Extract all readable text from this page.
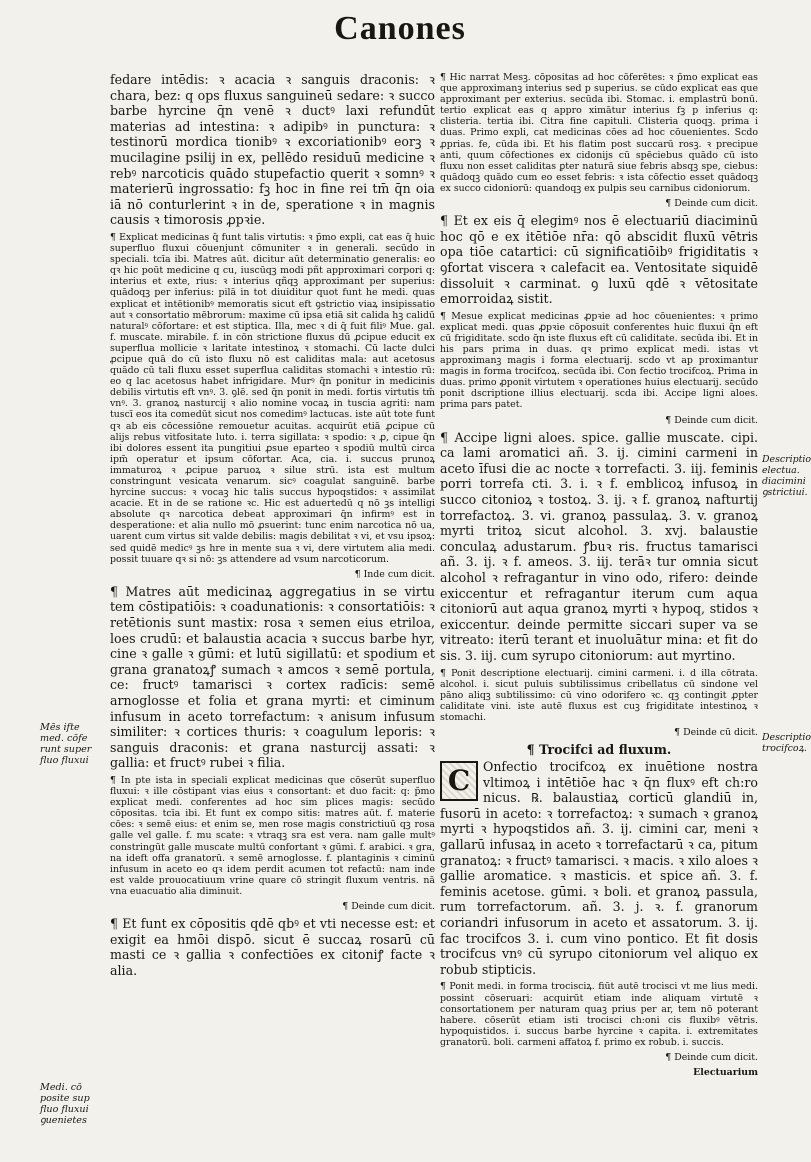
Canones
Mēs ifte med. cōfe runt super fluo fluxui
Medi. cō posite sup fluo fluxui ꝯuenietes
Descriptio electua. diacimini ꝯstrictiui.
Descriptio trocifcoꝝ.

fedare intēdis: ꝛ acacia ꝛ sanguis draconis: ꝛ chara, bez: q ops fluxus sanguineū sedare: ꝛ succo barbe hyrcine q̄n venē ꝛ ductꝰ laxi refundūt materias ad intestina: ꝛ adipibꝰ in punctura: ꝛ testinorū mordica tionibꝰ ꝛ excoriationibꝰ eorꝫ ꝛ mucilagine psilij in ex, pellēdo residuū medicine ꝛ rebꝰ narcoticis quādo stupefactio querit ꝛ somnꝰ ꝛ materierū ingrossatio: fꝫ hoc in fine rei tm̄ q̄n oia iā nō conturlerint ꝛ in de, speratione ꝛ in magnis causis ꝛ timorosis ꝓpꝛie.

¶ Explicat medicinas q̄ funt talis virtutis: ꝛ p̄mo expli, cat eas q̄ huic superfluo fluxui cōuenjunt cōmuniter ꝛ in generali. secūdo in speciali. tcīa ibi. Matres aūt. dicitur aūt determinatio generalis: eo qꝛ hic poūt medicine q cu, iuscūqꝫ modi pñt approximari corpori q: interius et exte, rius: ꝛ interius qñqꝫ approximant per superius: quādoqꝫ per inferius: pilā in tot diuiditur quot funt he medi. quas explicat et intētionibꝰ memoratis sicut eft ꝯstrictio viaꝝ insipissatio aut ꝛ consortatio mēbrorum: maxime cū ipsa etiā sit calida hꝫ calidū naturalꝰ cōfortare: et est stiptica. Illa, mec ꝛ di q̄ fuit filiꝰ Mue. gal. f. muscate. mirabile. f. in cōn strictione fluxus dū ꝓcipue educit ex superflua mollicie ꝛ laritate intestinoꝝ ꝛ stomachi. Cū lacte dulci ꝓcipue quā do cū isto fluxu nō est caliditas mala: aut acetosus quādo cū tali fluxu esset superflua caliditas stomachi ꝛ intestio rū: eo q lac acetosus habet infrigidare. Murꝰ q̄n ponitur in medicinis debilis virtutis eft vnꝰ. 3. ꝯlē. sed q̄n ponit in medi. fortis virtutis tm̄ vnꝰ. 3. granoꝝ nasturcij ꝛ alio nomine vocaꝝ in tuscia agriti: nam tuscī eos ita comedūt sicut nos comedimꝰ lactucas. iste aūt tote funt qꝛ ab eis cōcessiōne remouetur acuitas. acquirūt etiā ꝓcipue cū alijs rebus vitfositate luto. i. terra sigillata: ꝛ spodio: ꝛ ꝓ, cipue q̄n ibi dolores essent ita pungitiui ꝓsue eparteo ꝛ spodiū multū circa ipm̄ operatur et ipsum cōfortar. Aca, cia. i. succus prunoꝝ immaturoꝝ ꝛ ꝓcipue paruoꝝ ꝛ silue strū. ista est multum constringunt vesicata venarum. sicꝰ coagulat sanguinē. barbe hyrcine succus: ꝛ vocaꝫ hic talis succus hypoqstidos: ꝛ assimilat acacie. Et in de se ratione ꝛc. Hic est aduertedū q nō ꝫs intelligi absolute qꝛ narcotica debeat approximari q̄n infirmꝰ est in desperatione: et alia nullo mō ꝓsuerint: tunc enim narcotica nō ua, uarent cum virtus sit valde debilis: magis debilitat ꝛ vi, et vsu ipsoꝝ: sed quidē medicꝰ ꝫs hre in mente sua ꝛ vi, dere virtutem alia medi. possit tuuare qꝛ si nō: ꝫs attendere ad vsum narcoticorum.

¶ Inde cum dicit.

¶ Matres aūt medicinaꝝ aggregatius in se virtu tem cōstipatiōis: ꝛ coadunationis: ꝛ consortatiōis: ꝛ retētionis sunt mastix: rosa ꝛ semen eius etriloa, loes crudū: et balaustia acacia ꝛ succus barbe hyr, cine ꝛ galle ꝛ gūmi: et lutū sigillatū: et spodium et grana granatoꝝꝭ sumach ꝛ amcos ꝛ semē portula, ce: fructꝰ tamarisci ꝛ cortex radīcis: semē arnoglosse et folia et grana myrti: et ciminum infusum in aceto torrefactum: ꝛ anisum infusum similiter: ꝛ cortices thuris: ꝛ coagulum leporis: ꝛ sanguis draconis: et grana nasturcij assati: ꝛ gallia: et fructꝰ rubei ꝛ filia.

¶ In pte ista in speciali explicat medicinas que cōserūt superfluo fluxui: ꝛ ille cōstipant vias eius ꝛ consortant: et duo facit: q: p̄mo explicat medi. conferentes ad hoc sim plices magis: secūdo cōpositas. tcīa ibi. Et funt ex compo sitis: matres aūt. f. materie cōes: ꝛ semē eius: et enim se, men rose magis constrictiuū qꝫ rosa galle vel galle. f. mu scate: ꝛ vtraqꝫ sra est vera. nam galle multꝰ constringūt galle muscate multū confortant ꝛ gūmi. f. arabici. ꝛ gra, na ideft offa granatorū. ꝛ semē arnoglosse. f. plantaginis ꝛ ciminū infusum in aceto eo qꝛ idem perdit acumen tot refactū: nam inde est valde prouocatiuum vrine quare cō stringit fluxum ventris. nā vna euacuatio alia diminuit.

¶ Deinde cum dicit.

¶ Et funt ex cōpositis qdē qbꝰ et vti necesse est: et exigit ea hmōi dispō. sicut ē succaꝝ rosarū cū masti ce ꝛ gallia ꝛ confectiōes ex citoniꝭ facte ꝛ alia.

¶ Hic narrat Mesꝫ. cōpositas ad hoc cōferētes: ꝛ p̄mo explicat eas que approximanꝫ interius sed p superius. se cūdo explicat eas que approximant per exterius. secūda ibi. Stomac. i. emplastrū bonū. tertio explicat eas q appro ximātur interius fꝫ p inferius q: clisteria. tertia ibi. Citra fine capituli. Clisteria quoqꝫ. prima i duas. Primo expli, cat medicinas cōes ad hoc cōuenientes. Scdo ꝓprias. fe, cūda ibi. Et his flatim post succarū rosꝫ. ꝛ precipue anti, quum cōfectiones ex cidonijs cū spēciebus quādo cū isto fluxu non esset caliditas ꝑter naturā siue febris absqꝫ spe, ciebus: quādoqꝫ quādo cum eo esset febris: ꝛ ista cōfectio esset quādoqꝫ ex succo cidoniorū: quandoqꝫ ex pulpis seu carnibus cidoniorum.

¶ Deinde cum dicit.

¶ Et ex eis q̄ elegimꝰ nos ē electuariū diaciminū hoc qō e ex itētiōe nr̄a: qō abscidit fluxū vētris opa tiōe catartici: cū significatiōibꝰ frigiditatis ꝛ ꝯfortat viscera ꝛ calefacit ea. Ventositate siquidē dissoluit ꝛ carminat. ꝯ luxū qdē ꝛ vētositate emorroidaꝝ sistit.

¶ Mesue explicat medicinas ꝓpꝛie ad hoc cōuenientes: ꝛ primo explicat medi. quas ꝓpꝛie cōposuit conferentes huic fluxui q̄n eft cū frigiditate. scdo q̄n iste fluxus eft cū caliditate. secūda ibi. Et in his pars prima in duas. qꝛ primo explicat medi. istas vt approximanꝫ magis i forma electuarij. scdo vt ap proximantur magis in forma trocifcoꝝ. secūda ibi. Con fectio trocifcoꝝ. Prima in duas. primo ꝓponit virtutem ꝛ operationes huius electuarij. secūdo ponit dscriptione illius electuarij. scda ibi. Accipe ligni aloes. prima pars patet.

¶ Deinde cum dicit.

¶ Accipe ligni aloes. spice. gallie muscate. cipi. ca lami aromatici añ. 3. ij. cimini carmeni in aceto īfusi die ac nocte ꝛ torrefacti. 3. iij. feminis porri torrefa cti. 3. i. ꝛ f. emblicoꝝ infusoꝝ in succo citonioꝝ ꝛ tostoꝝ. 3. ij. ꝛ f. granoꝝ nafturtij torrefactoꝝ. 3. vi. granoꝝ passulaꝝ. 3. v. granoꝝ myrti tritoꝝ sicut alcohol. 3. xvj. balaustie conculaꝝ adustarum. ꝭbuꝛ ris. fructus tamarisci añ. 3. ij. ꝛ f. ameos. 3. iij. terāꝛ tur omnia sicut alcohol ꝛ refragantur in vino odo, rifero: deinde exiccentur et refragantur iterum cum aqua citoniorū aut aqua granoꝝ myrti ꝛ hypoq, stidos ꝛ exiccentur. deinde permitte siccari super va se vitreato: iterū terant et inuoluātur mina: et fit do sis. 3. iij. cum syrupo citoniorum: aut myrtino.

¶ Ponit descriptione electuarij. cimini carmeni. i. d illa cōtrata. alcohol. i. sicut puluis subtilissimus cribellatus cū sindone vel pāno aliqꝫ subtilissimo: cū vino odorifero ꝛc. qꝫ contingit ꝓpter caliditate vini. iste autē fluxus est cuꝫ frigiditate intestinoꝝ ꝛ stomachi.

¶ Deinde cū dicit.

¶ Trocifci ad fluxum.
C	Onfectio trocifcoꝝ ex inuētione nostra vltimoꝝ i intētiōe hac ꝛ q̄n fluxꝰ eft ch:ro nicus. ℞. balaustiaꝝ corticū glandiū in, fusorū in aceto: ꝛ torrefactoꝝ: ꝛ sumach ꝛ granoꝝ myrti ꝛ hypoqstidos añ. 3. ij. cimini car, meni ꝛ gallarū infusaꝝ in aceto ꝛ torrefactarū ꝛ ca, pitum granatoꝝ: ꝛ fructꝰ tamarisci. ꝛ macis. ꝛ xilo aloes ꝛ gallie aromatice. ꝛ masticis. et spice añ. 3. f. feminis acetose. gūmi. ꝛ boli. et granoꝝ passula, rum torrefactorum. añ. 3. j. ꝛ. f. granorum coriandri infusorum in aceto et assatorum. 3. ij. fac trocifcos 3. i. cum vino pontico. Et fit dosis trocifcus vnꝰ cū syrupo citoniorum vel aliquo ex robub stipticis.

¶ Ponit medi. in forma trocisciꝝ. fiūt autē trocisci vt me lius medi. possint cōseruari: acquirūt etiam inde aliquam virtutē ꝛ consortationem per naturam quaꝫ prius per ar, tem nō poterant habere. cōserūt etiam isti trocisci ch:oni cis fluxibꝰ vētris. hypoquistidos. i. succus barbe hyrcine ꝛ capita. i. extremitates granatorū. boli. carmeni affatoꝝ f. primo ex robub. i. succis.

¶ Deinde cum dicit.

Electuarium
